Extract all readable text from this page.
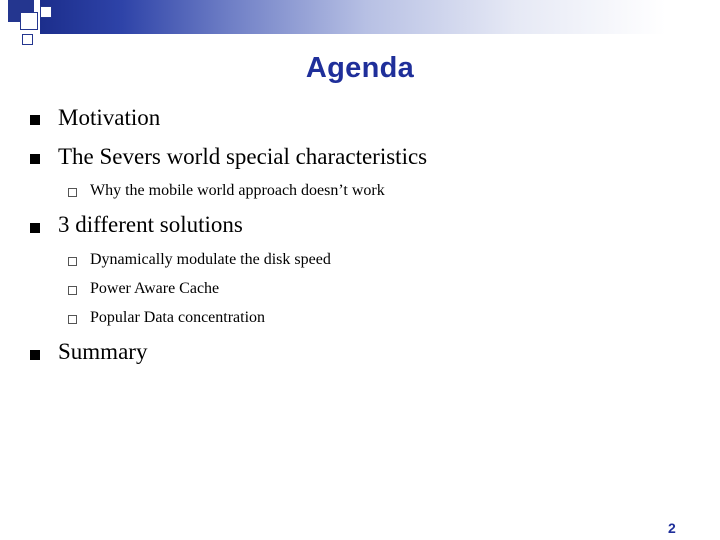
Agenda
Motivation
The Severs world special characteristics
Why the mobile world approach doesn’t work
3 different solutions
Dynamically modulate the disk speed
Power Aware Cache
Popular Data concentration
Summary
2
